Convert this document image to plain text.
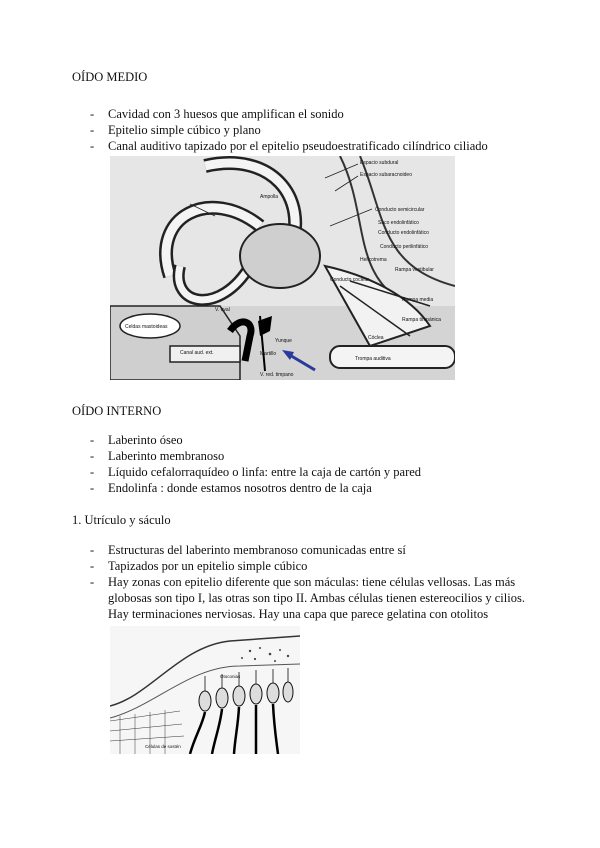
OÍDO MEDIO
- Cavidad con 3 huesos que amplifican el sonido
- Epitelio simple cúbico y plano
- Canal auditivo tapizado por el epitelio pseudoestratificado cilíndrico ciliado
Espacio subdural
Espacio subaracnoideo
Conducto semicircular
Ampolla
Saco endolinfático
Conducto endolinfático
Conducto perilinfático
Helicotrema
Rampa vestibular
Conducto coclear
Rampa media
Rampa timpánica
Cóclea
Trompa auditiva
Celdas mastoideas
V. oval
Canal aud. ext.
Yunque
Martillo
V. red. timpano
OÍDO INTERNO
- Laberinto óseo
- Laberinto membranoso
- Líquido cefalorraquídeo o linfa: entre la caja de cartón y pared
- Endolinfa : donde estamos nosotros dentro de la caja
1. Utrículo y sáculo
- Estructuras del laberinto membranoso comunicadas entre sí
- Tapizados por un epitelio simple cúbico
- Hay zonas con epitelio diferente que son máculas: tiene células vellosas. Las más globosas son tipo I, las otras son tipo II. Ambas células tienen estereocilios y cilios. Hay terminaciones nerviosas. Hay una capa que parece gelatina con otolitos
Otoconias
Células de sostén
